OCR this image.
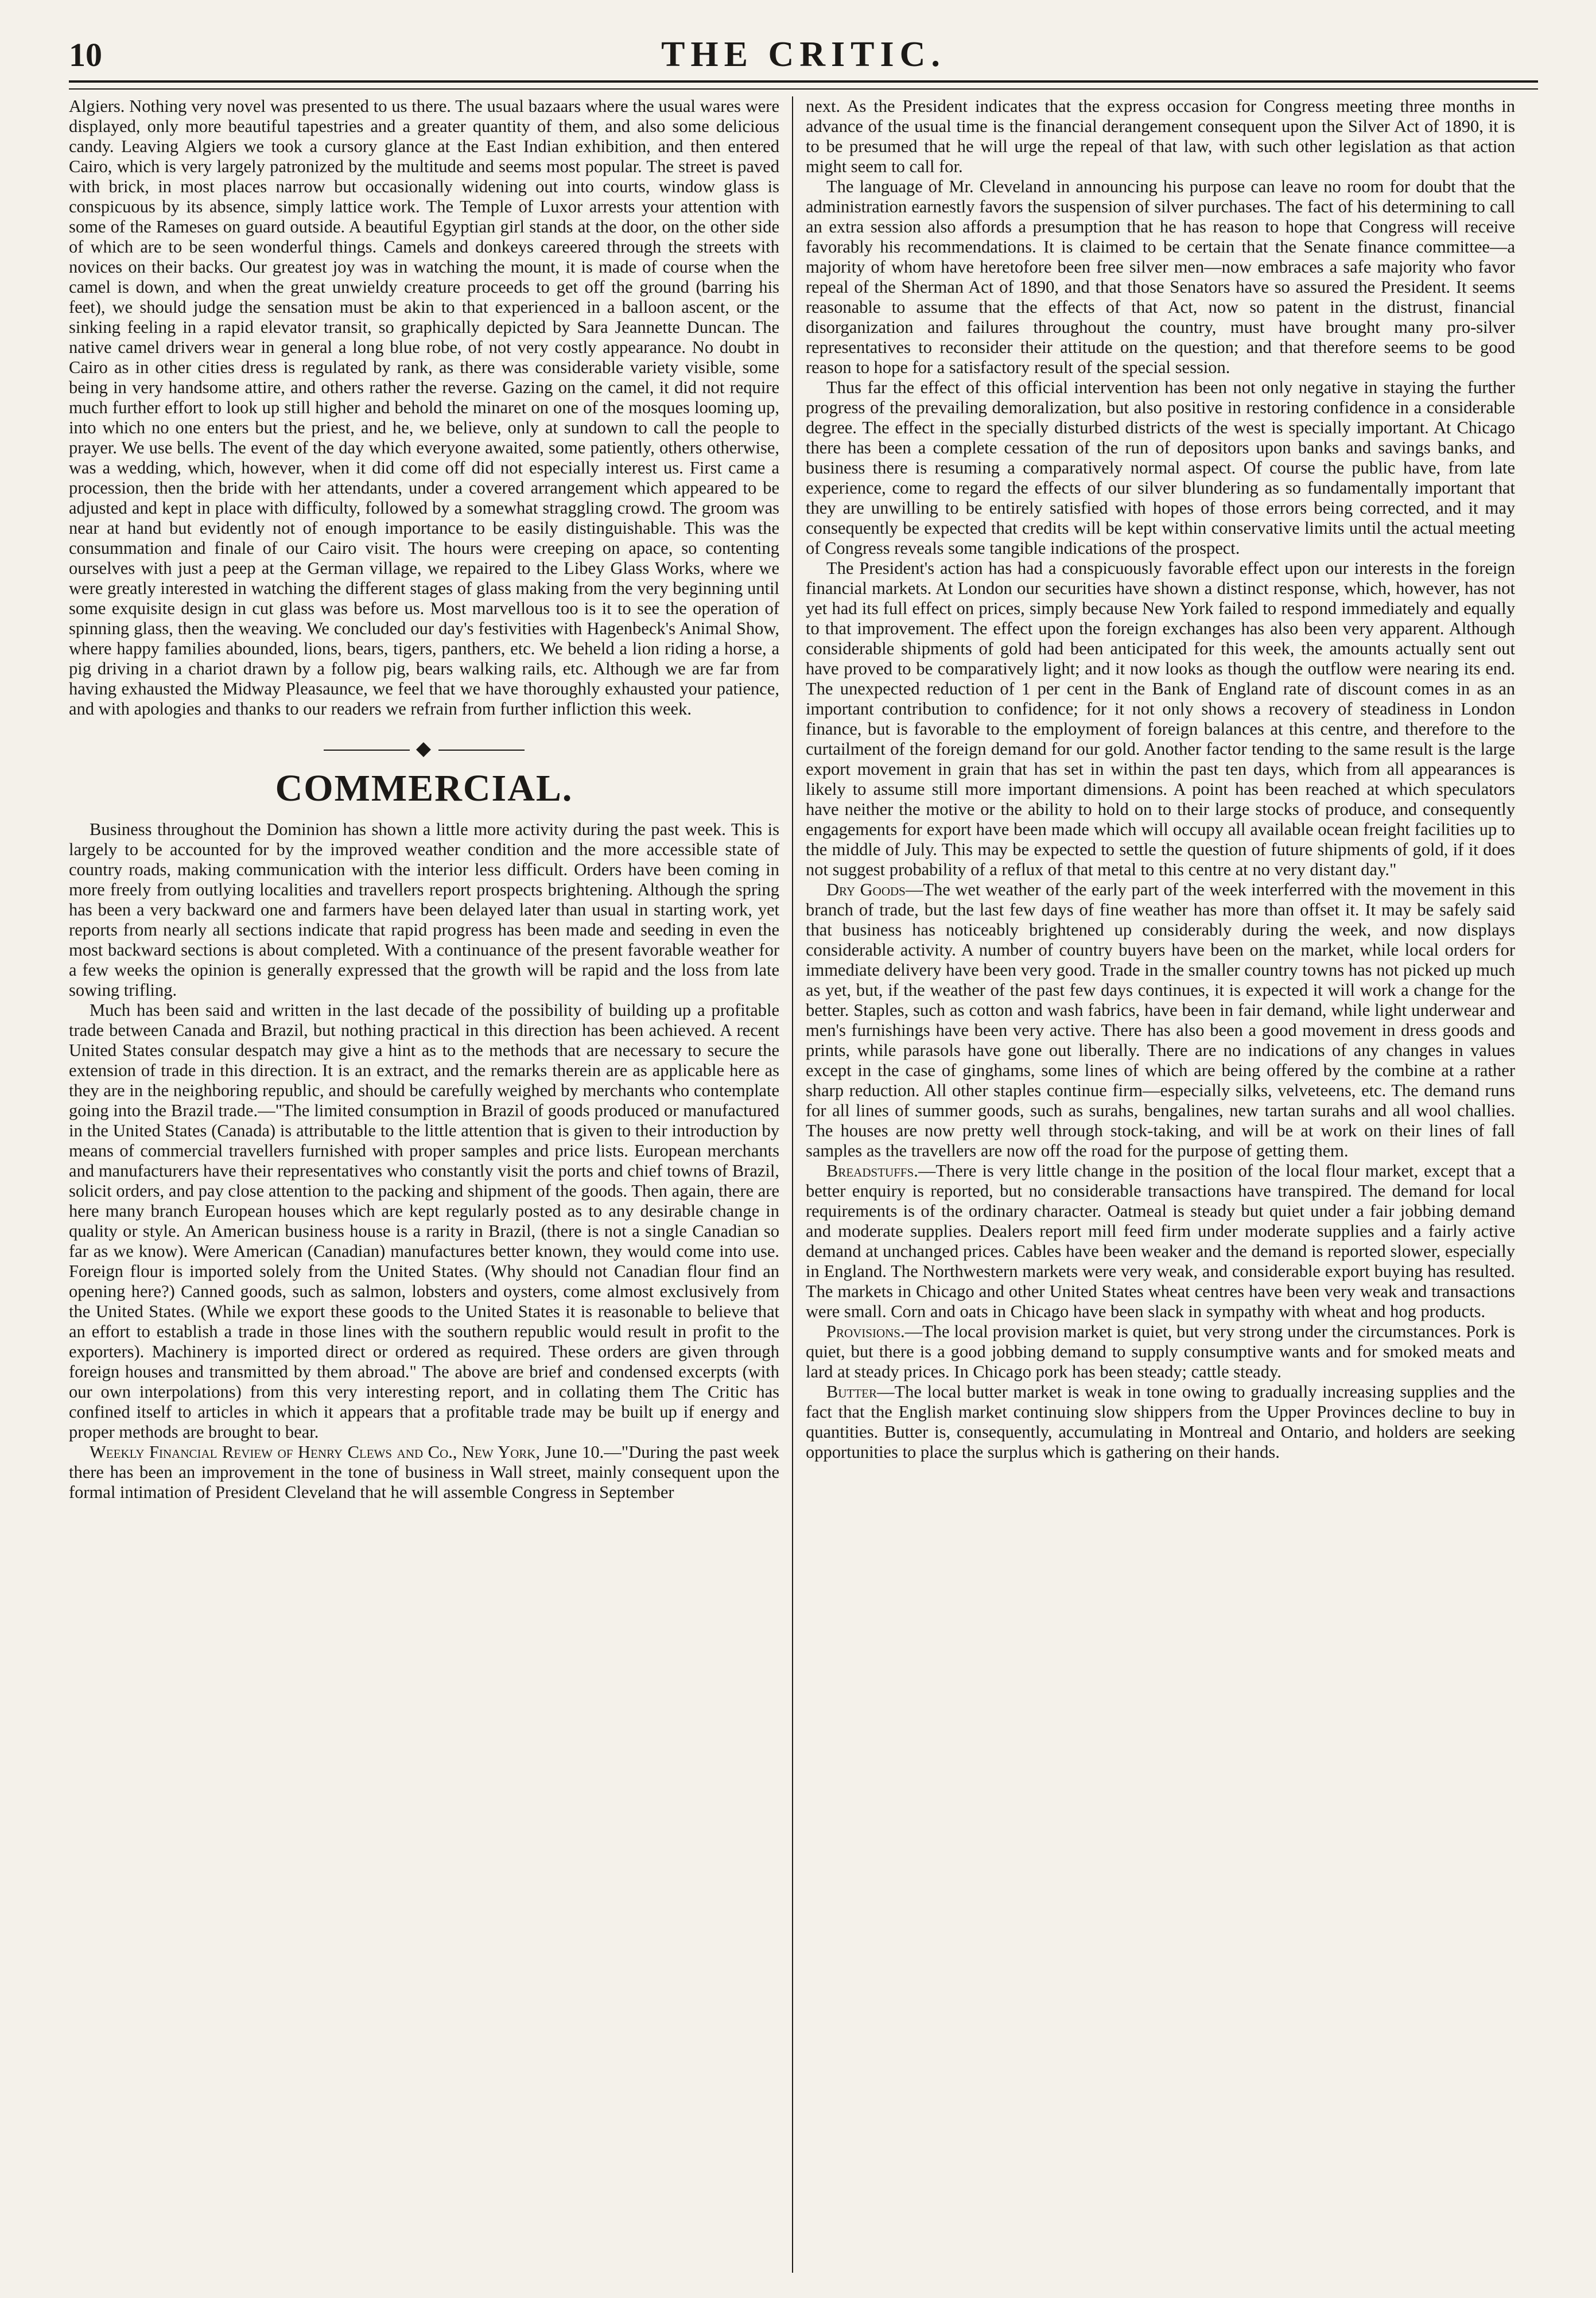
10	THE CRITIC.

Algiers. Nothing very novel was presented to us there. The usual bazaars where the usual wares were displayed, only more beautiful tapestries and a greater quantity of them, and also some delicious candy. Leaving Algiers we took a cursory glance at the East Indian exhibition, and then entered Cairo, which is very largely patronized by the multitude and seems most popular. The street is paved with brick, in most places narrow but occasionally widening out into courts, window glass is conspicuous by its absence, simply lattice work. The Temple of Luxor arrests your attention with some of the Rameses on guard outside. A beautiful Egyptian girl stands at the door, on the other side of which are to be seen wonderful things. Camels and donkeys careered through the streets with novices on their backs. Our greatest joy was in watching the mount, it is made of course when the camel is down, and when the great unwieldy creature proceeds to get off the ground (barring his feet), we should judge the sensation must be akin to that experienced in a balloon ascent, or the sinking feeling in a rapid elevator transit, so graphically depicted by Sara Jeannette Duncan. The native camel drivers wear in general a long blue robe, of not very costly appearance. No doubt in Cairo as in other cities dress is regulated by rank, as there was considerable variety visible, some being in very handsome attire, and others rather the reverse. Gazing on the camel, it did not require much further effort to look up still higher and behold the minaret on one of the mosques looming up, into which no one enters but the priest, and he, we believe, only at sundown to call the people to prayer. We use bells. The event of the day which everyone awaited, some patiently, others otherwise, was a wedding, which, however, when it did come off did not especially interest us. First came a procession, then the bride with her attendants, under a covered arrangement which appeared to be adjusted and kept in place with difficulty, followed by a somewhat straggling crowd. The groom was near at hand but evidently not of enough importance to be easily distinguishable. This was the consummation and finale of our Cairo visit. The hours were creeping on apace, so contenting ourselves with just a peep at the German village, we repaired to the Libey Glass Works, where we were greatly interested in watching the different stages of glass making from the very beginning until some exquisite design in cut glass was before us. Most marvellous too is it to see the operation of spinning glass, then the weaving. We concluded our day's festivities with Hagenbeck's Animal Show, where happy families abounded, lions, bears, tigers, panthers, etc. We beheld a lion riding a horse, a pig driving in a chariot drawn by a follow pig, bears walking rails, etc. Although we are far from having exhausted the Midway Pleasaunce, we feel that we have thoroughly exhausted your patience, and with apologies and thanks to our readers we refrain from further infliction this week.

◆
COMMERCIAL.

Business throughout the Dominion has shown a little more activity during the past week. This is largely to be accounted for by the improved weather condition and the more accessible state of country roads, making communication with the interior less difficult. Orders have been coming in more freely from outlying localities and travellers report prospects brightening. Although the spring has been a very backward one and farmers have been delayed later than usual in starting work, yet reports from nearly all sections indicate that rapid progress has been made and seeding in even the most backward sections is about completed. With a continuance of the present favorable weather for a few weeks the opinion is generally expressed that the growth will be rapid and the loss from late sowing trifling.

Much has been said and written in the last decade of the possibility of building up a profitable trade between Canada and Brazil, but nothing practical in this direction has been achieved. A recent United States consular despatch may give a hint as to the methods that are necessary to secure the extension of trade in this direction. It is an extract, and the remarks therein are as applicable here as they are in the neighboring republic, and should be carefully weighed by merchants who contemplate going into the Brazil trade.—"The limited consumption in Brazil of goods produced or manufactured in the United States (Canada) is attributable to the little attention that is given to their introduction by means of commercial travellers furnished with proper samples and price lists. European merchants and manufacturers have their representatives who constantly visit the ports and chief towns of Brazil, solicit orders, and pay close attention to the packing and shipment of the goods. Then again, there are here many branch European houses which are kept regularly posted as to any desirable change in quality or style. An American business house is a rarity in Brazil, (there is not a single Canadian so far as we know). Were American (Canadian) manufactures better known, they would come into use. Foreign flour is imported solely from the United States. (Why should not Canadian flour find an opening here?) Canned goods, such as salmon, lobsters and oysters, come almost exclusively from the United States. (While we export these goods to the United States it is reasonable to believe that an effort to establish a trade in those lines with the southern republic would result in profit to the exporters). Machinery is imported direct or ordered as required. These orders are given through foreign houses and transmitted by them abroad." The above are brief and condensed excerpts (with our own interpolations) from this very interesting report, and in collating them The Critic has confined itself to articles in which it appears that a profitable trade may be built up if energy and proper methods are brought to bear.

Weekly Financial Review of Henry Clews and Co., New York, June 10.—"During the past week there has been an improvement in the tone of business in Wall street, mainly consequent upon the formal intimation of President Cleveland that he will assemble Congress in September

next. As the President indicates that the express occasion for Congress meeting three months in advance of the usual time is the financial derangement consequent upon the Silver Act of 1890, it is to be presumed that he will urge the repeal of that law, with such other legislation as that action might seem to call for.

The language of Mr. Cleveland in announcing his purpose can leave no room for doubt that the administration earnestly favors the suspension of silver purchases. The fact of his determining to call an extra session also affords a presumption that he has reason to hope that Congress will receive favorably his recommendations. It is claimed to be certain that the Senate finance committee—a majority of whom have heretofore been free silver men—now embraces a safe majority who favor repeal of the Sherman Act of 1890, and that those Senators have so assured the President. It seems reasonable to assume that the effects of that Act, now so patent in the distrust, financial disorganization and failures throughout the country, must have brought many pro-silver representatives to reconsider their attitude on the question; and that therefore seems to be good reason to hope for a satisfactory result of the special session.

Thus far the effect of this official intervention has been not only negative in staying the further progress of the prevailing demoralization, but also positive in restoring confidence in a considerable degree. The effect in the specially disturbed districts of the west is specially important. At Chicago there has been a complete cessation of the run of depositors upon banks and savings banks, and business there is resuming a comparatively normal aspect. Of course the public have, from late experience, come to regard the effects of our silver blundering as so fundamentally important that they are unwilling to be entirely satisfied with hopes of those errors being corrected, and it may consequently be expected that credits will be kept within conservative limits until the actual meeting of Congress reveals some tangible indications of the prospect.

The President's action has had a conspicuously favorable effect upon our interests in the foreign financial markets. At London our securities have shown a distinct response, which, however, has not yet had its full effect on prices, simply because New York failed to respond immediately and equally to that improvement. The effect upon the foreign exchanges has also been very apparent. Although considerable shipments of gold had been anticipated for this week, the amounts actually sent out have proved to be comparatively light; and it now looks as though the outflow were nearing its end. The unexpected reduction of 1 per cent in the Bank of England rate of discount comes in as an important contribution to confidence; for it not only shows a recovery of steadiness in London finance, but is favorable to the employment of foreign balances at this centre, and therefore to the curtailment of the foreign demand for our gold. Another factor tending to the same result is the large export movement in grain that has set in within the past ten days, which from all appearances is likely to assume still more important dimensions. A point has been reached at which speculators have neither the motive or the ability to hold on to their large stocks of produce, and consequently engagements for export have been made which will occupy all available ocean freight facilities up to the middle of July. This may be expected to settle the question of future shipments of gold, if it does not suggest probability of a reflux of that metal to this centre at no very distant day."

Dry Goods—The wet weather of the early part of the week interferred with the movement in this branch of trade, but the last few days of fine weather has more than offset it. It may be safely said that business has noticeably brightened up considerably during the week, and now displays considerable activity. A number of country buyers have been on the market, while local orders for immediate delivery have been very good. Trade in the smaller country towns has not picked up much as yet, but, if the weather of the past few days continues, it is expected it will work a change for the better. Staples, such as cotton and wash fabrics, have been in fair demand, while light underwear and men's furnishings have been very active. There has also been a good movement in dress goods and prints, while parasols have gone out liberally. There are no indications of any changes in values except in the case of ginghams, some lines of which are being offered by the combine at a rather sharp reduction. All other staples continue firm—especially silks, velveteens, etc. The demand runs for all lines of summer goods, such as surahs, bengalines, new tartan surahs and all wool challies. The houses are now pretty well through stock-taking, and will be at work on their lines of fall samples as the travellers are now off the road for the purpose of getting them.

Breadstuffs.—There is very little change in the position of the local flour market, except that a better enquiry is reported, but no considerable transactions have transpired. The demand for local requirements is of the ordinary character. Oatmeal is steady but quiet under a fair jobbing demand and moderate supplies. Dealers report mill feed firm under moderate supplies and a fairly active demand at unchanged prices. Cables have been weaker and the demand is reported slower, especially in England. The Northwestern markets were very weak, and considerable export buying has resulted. The markets in Chicago and other United States wheat centres have been very weak and transactions were small. Corn and oats in Chicago have been slack in sympathy with wheat and hog products.

Provisions.—The local provision market is quiet, but very strong under the circumstances. Pork is quiet, but there is a good jobbing demand to supply consumptive wants and for smoked meats and lard at steady prices. In Chicago pork has been steady; cattle steady.

Butter—The local butter market is weak in tone owing to gradually increasing supplies and the fact that the English market continuing slow shippers from the Upper Provinces decline to buy in quantities. Butter is, consequently, accumulating in Montreal and Ontario, and holders are seeking opportunities to place the surplus which is gathering on their hands.
